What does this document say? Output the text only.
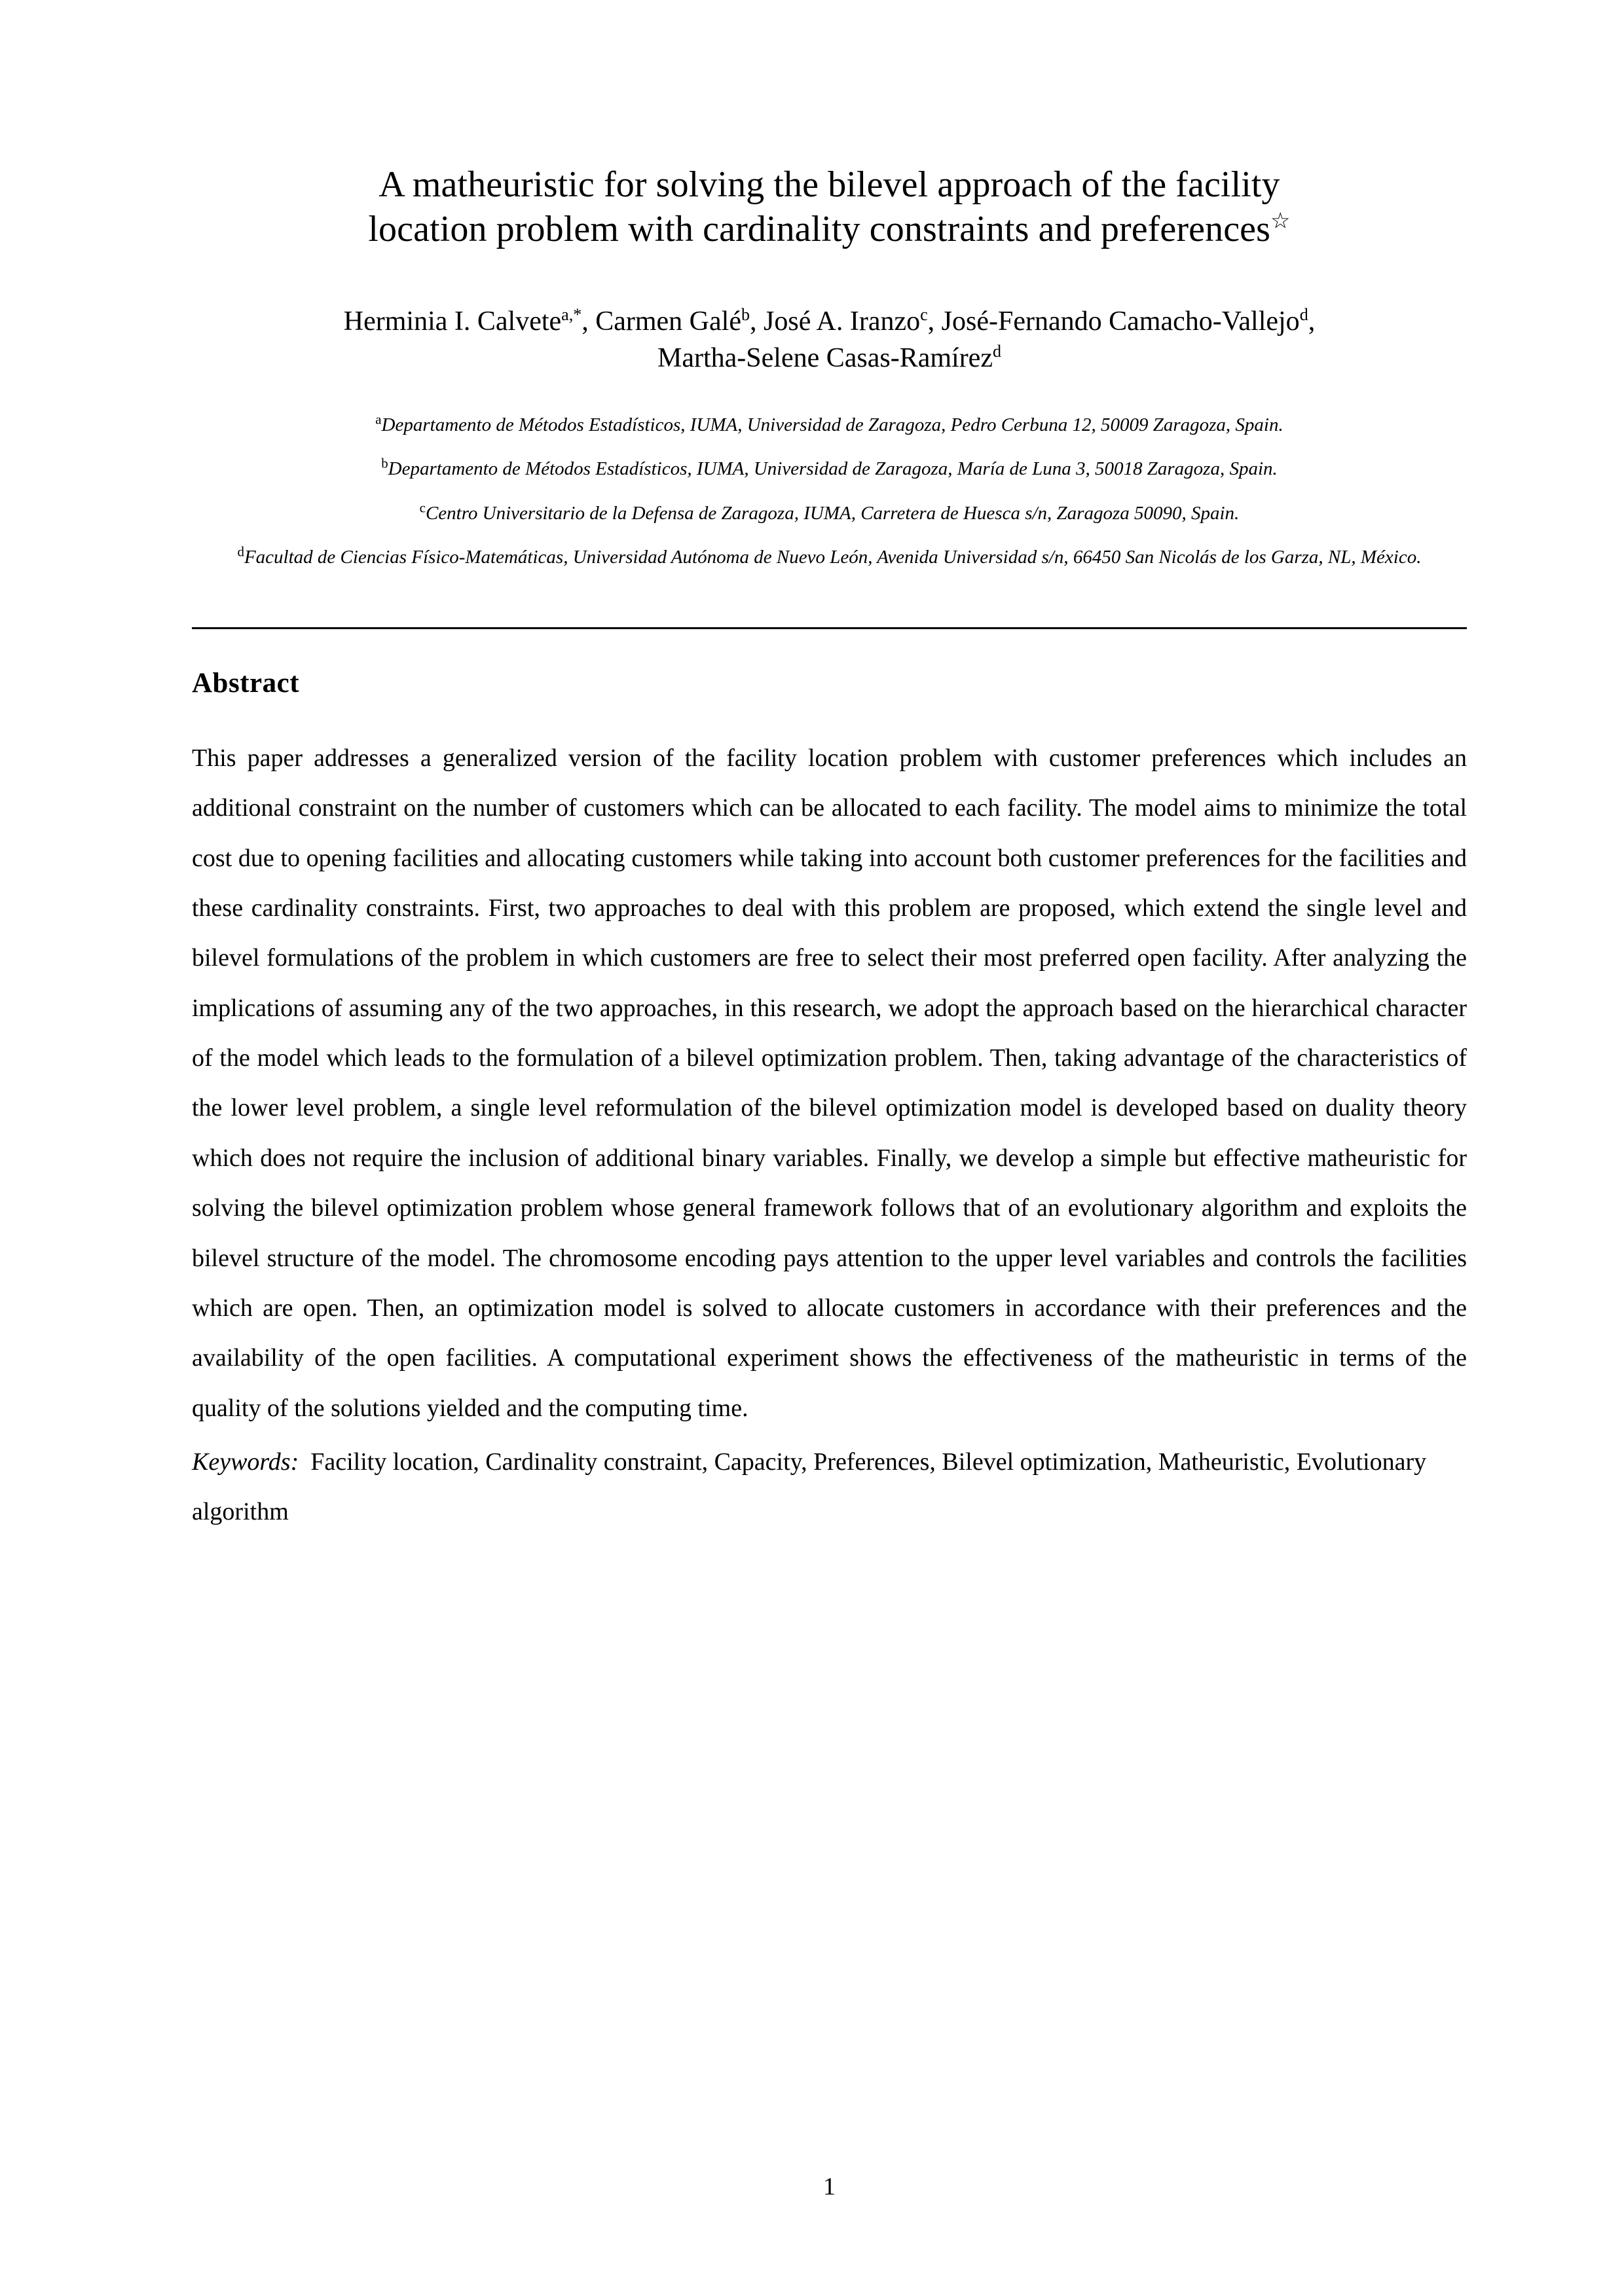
A matheuristic for solving the bilevel approach of the facility
location problem with cardinality constraints and preferences☆
Herminia I. Calvete$^{a,*}$, Carmen Galé$^b$, José A. Iranzo$^c$, José-Fernando Camacho-Vallejo$^d$,
Martha-Selene Casas-Ramírez$^d$
$^a$Departamento de Métodos Estadísticos, IUMA, Universidad de Zaragoza, Pedro Cerbuna 12, 50009 Zaragoza, Spain.
$^b$Departamento de Métodos Estadísticos, IUMA, Universidad de Zaragoza, María de Luna 3, 50018 Zaragoza, Spain.
$^c$Centro Universitario de la Defensa de Zaragoza, IUMA, Carretera de Huesca s/n, Zaragoza 50090, Spain.
$^d$Facultad de Ciencias Físico-Matemáticas, Universidad Autónoma de Nuevo León, Avenida Universidad s/n, 66450 San Nicolás de los Garza, NL, México.
Abstract
This paper addresses a generalized version of the facility location problem with customer preferences which includes an additional constraint on the number of customers which can be allocated to each facility. The model aims to minimize the total cost due to opening facilities and allocating customers while taking into account both customer preferences for the facilities and these cardinality constraints. First, two approaches to deal with this problem are proposed, which extend the single level and bilevel formulations of the problem in which customers are free to select their most preferred open facility. After analyzing the implications of assuming any of the two approaches, in this research, we adopt the approach based on the hierarchical character of the model which leads to the formulation of a bilevel optimization problem. Then, taking advantage of the characteristics of the lower level problem, a single level reformulation of the bilevel optimization model is developed based on duality theory which does not require the inclusion of additional binary variables. Finally, we develop a simple but effective matheuristic for solving the bilevel optimization problem whose general framework follows that of an evolutionary algorithm and exploits the bilevel structure of the model. The chromosome encoding pays attention to the upper level variables and controls the facilities which are open. Then, an optimization model is solved to allocate customers in accordance with their preferences and the availability of the open facilities. A computational experiment shows the effectiveness of the matheuristic in terms of the quality of the solutions yielded and the computing time.
Keywords: Facility location, Cardinality constraint, Capacity, Preferences, Bilevel optimization, Matheuristic, Evolutionary algorithm
1
